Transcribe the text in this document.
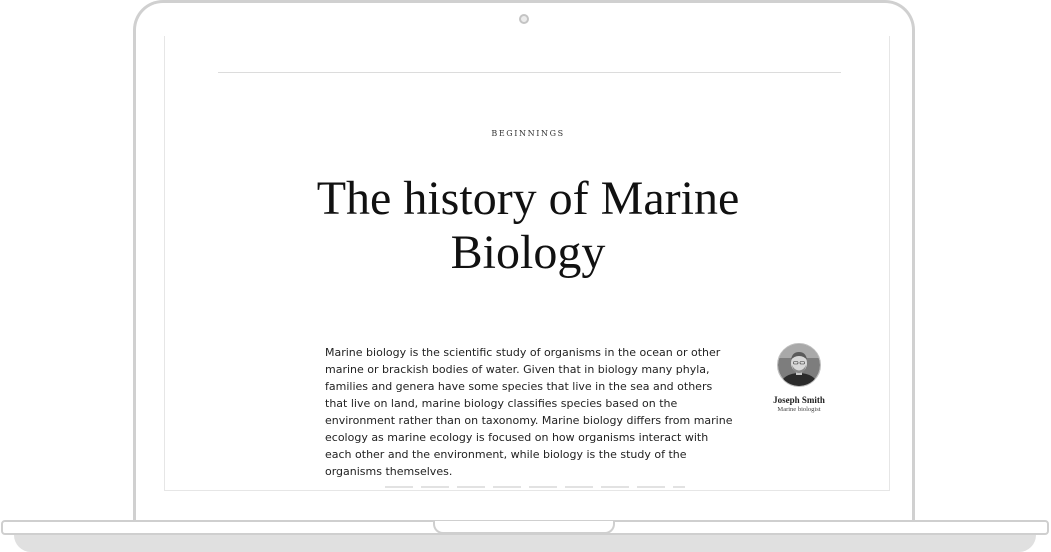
BEGINNINGS
The history of Marine Biology

Marine biology is the scientific study of organisms in the ocean or other marine or brackish bodies of water. Given that in biology many phyla, families and genera have some species that live in the sea and others that live on land, marine biology classifies species based on the environment rather than on taxonomy. Marine biology differs from marine ecology as marine ecology is focused on how organisms interact with each other and the environment, while biology is the study of the organisms themselves.

Joseph Smith
Marine biologist
